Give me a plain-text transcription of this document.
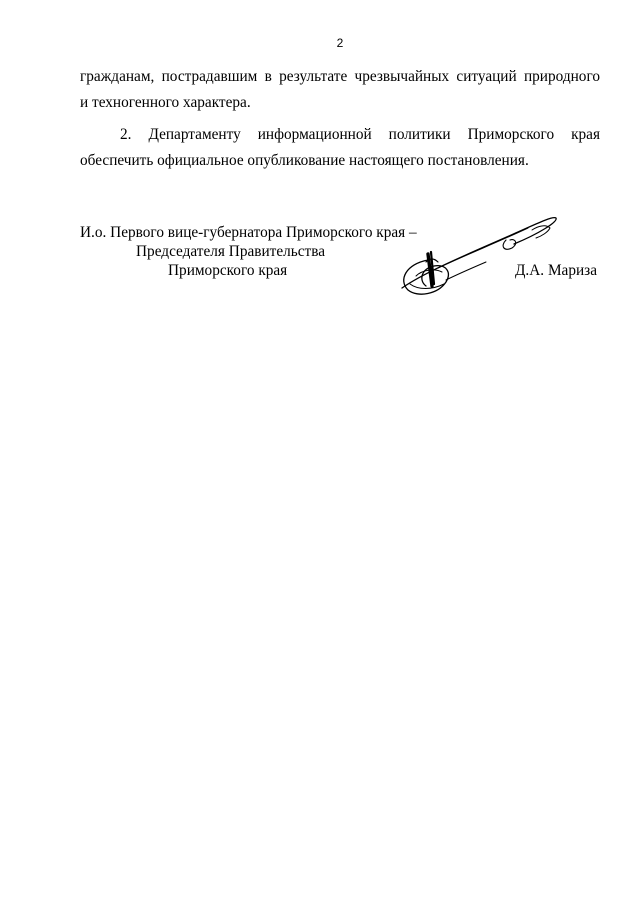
2

гражданам, пострадавшим в результате чрезвычайных ситуаций природного

и техногенного характера.

2. Департаменту информационной политики Приморского края

обеспечить официальное опубликование настоящего постановления.

И.о. Первого вице-губернатора Приморского края –
Председателя Правительства
Приморского края	Д.А. Мариза
